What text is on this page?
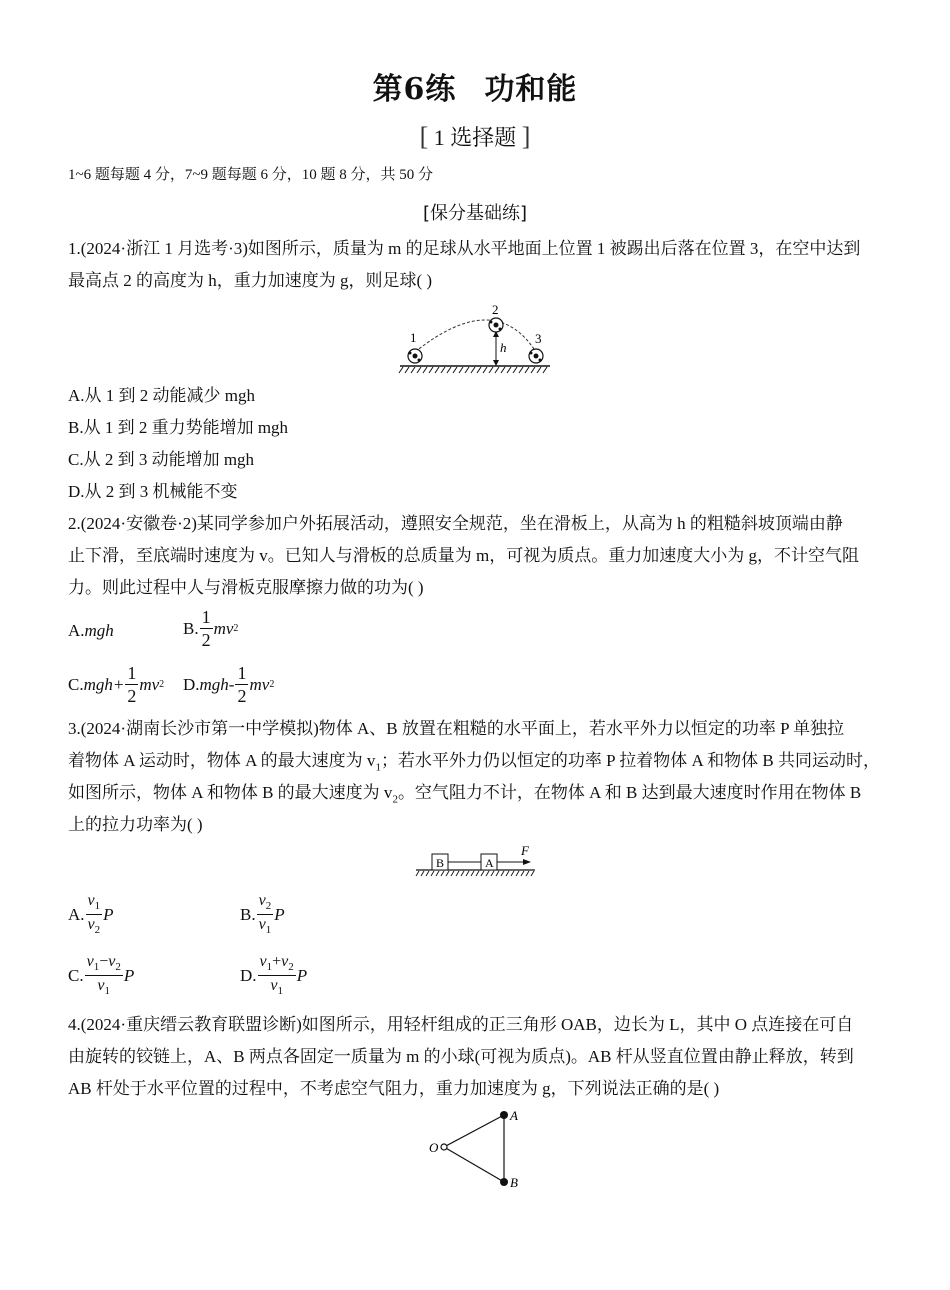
第6练 功和能
[ 1 选择题 ]
1~6 题每题 4 分，7~9 题每题 6 分，10 题 8 分，共 50 分
[保分基础练]
1.(2024·浙江 1 月选考·3)如图所示，质量为 m 的足球从水平地面上位置 1 被踢出后落在位置 3，在空中达到
最高点 2 的高度为 h，重力加速度为 g，则足球( )
1
2
3
h
A.从 1 到 2 动能减少 mgh
B.从 1 到 2 重力势能增加 mgh
C.从 2 到 3 动能增加 mgh
D.从 2 到 3 机械能不变
2.(2024·安徽卷·2)某同学参加户外拓展活动，遵照安全规范，坐在滑板上，从高为 h 的粗糙斜坡顶端由静
止下滑，至底端时速度为 v。已知人与滑板的总质量为 m，可视为质点。重力加速度大小为 g，不计空气阻
力。则此过程中人与滑板克服摩擦力做的功为( )
A.mgh	B. $\frac{1}{2}$ mv 2
C. $mgh+ \frac{1}{2}$ mv 2 D. $mgh- \frac{1}{2}$ mv 2
3.(2024·湖南长沙市第一中学模拟)物体 A、B 放置在粗糙的水平面上，若水平外力以恒定的功率 P 单独拉
着物体 A 运动时，物体 A 的最大速度为 $v_1$；若水平外力仍以恒定的功率 P 拉着物体 A 和物体 B 共同运动时，
如图所示，物体 A 和物体 B 的最大速度为 $v_2$。空气阻力不计，在物体 A 和 B 达到最大速度时作用在物体 B
上的拉力功率为( )
B	A
F
A. $\frac{v_1}{v_2}$ P	B. $\frac{v_2}{v_1}$ P
C. $\frac{v_1-v_2}{v_1}$ P	D. $\frac{v_1+v_2}{v_1}$ P
4.(2024·重庆缙云教育联盟诊断)如图所示，用轻杆组成的正三角形 OAB，边长为 L，其中 O 点连接在可自
由旋转的铰链上，A、B 两点各固定一质量为 m 的小球(可视为质点)。AB 杆从竖直位置由静止释放，转到
AB 杆处于水平位置的过程中，不考虑空气阻力，重力加速度为 g，下列说法正确的是( )
O
A
B
